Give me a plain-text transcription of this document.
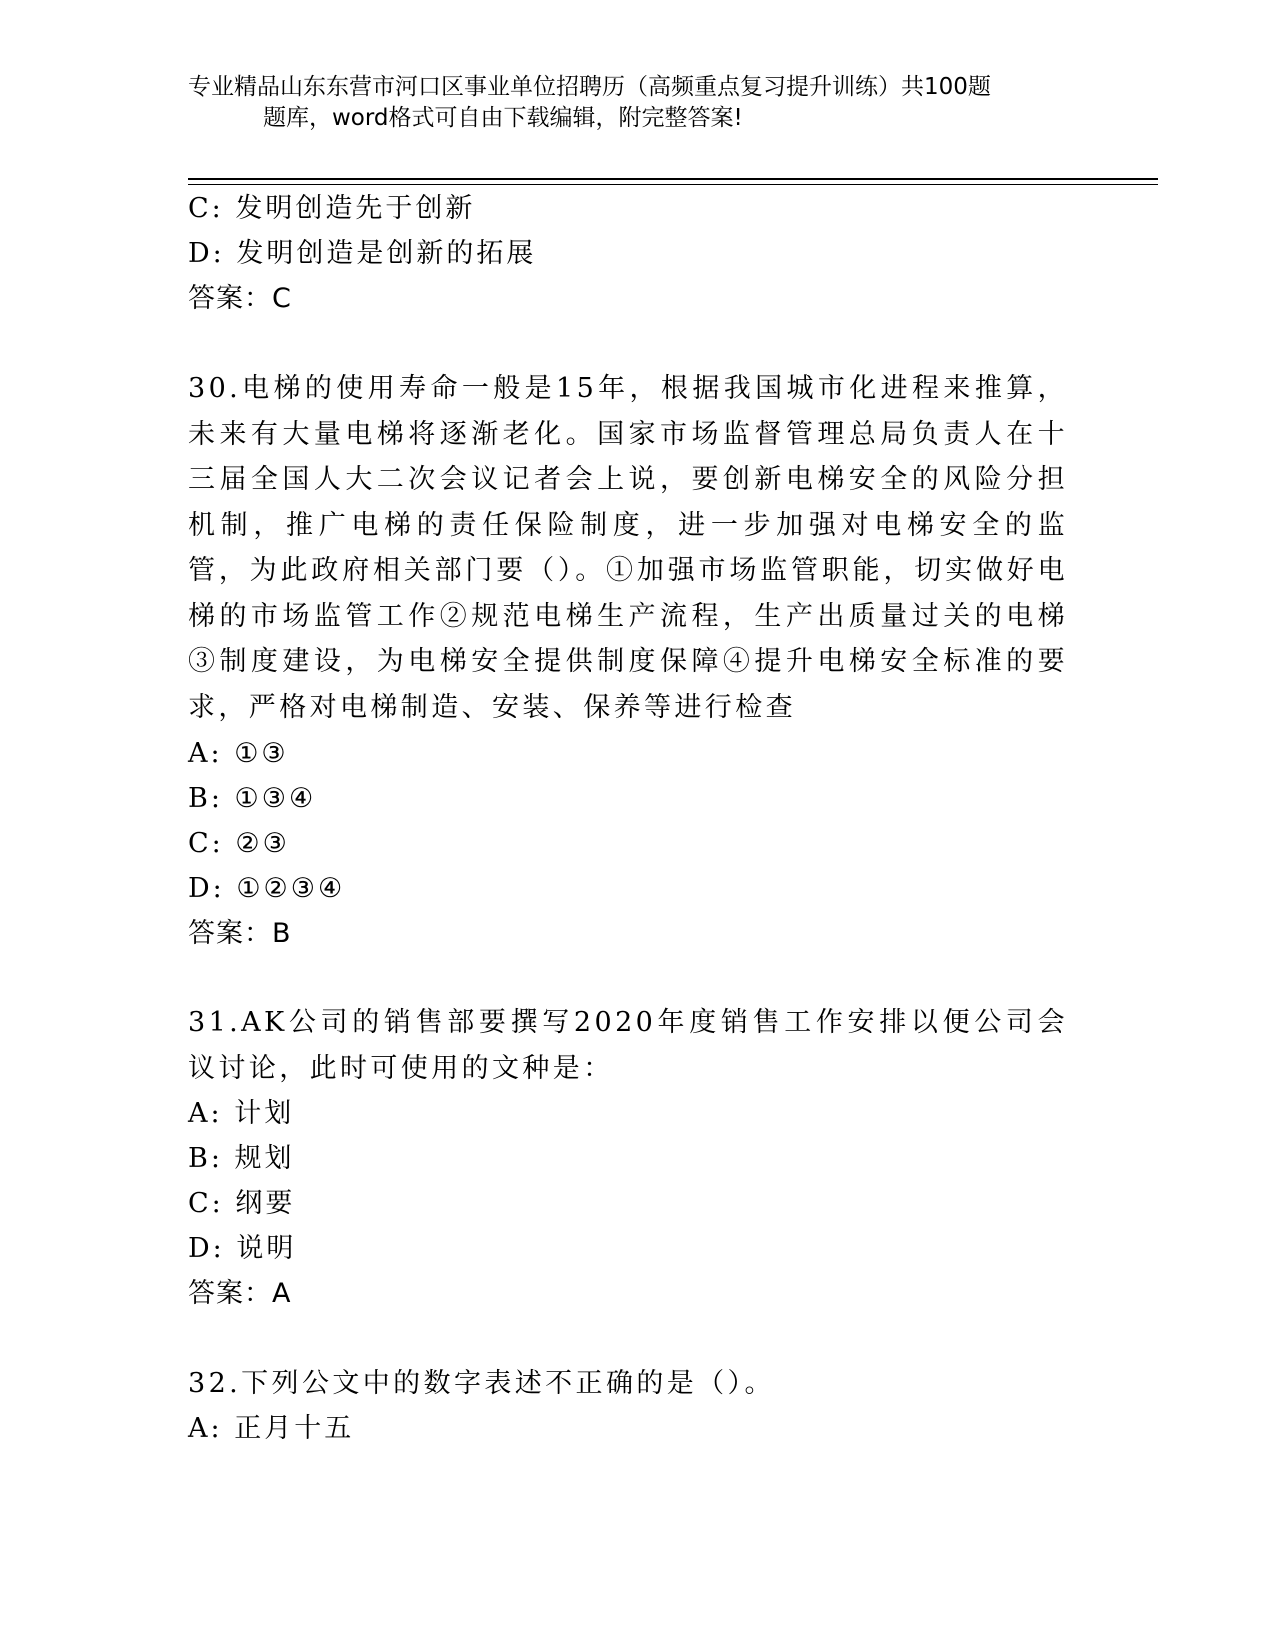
专业精品山东东营市河口区事业单位招聘历（高频重点复习提升训练）共100题
题库，word格式可自由下载编辑，附完整答案!
C: 发明创造先于创新
D: 发明创造是创新的拓展
答案：C
30.电梯的使用寿命一般是15年，根据我国城市化进程来推算，未来有大量电梯将逐渐老化。国家市场监督管理总局负责人在十三届全国人大二次会议记者会上说，要创新电梯安全的风险分担机制，推广电梯的责任保险制度，进一步加强对电梯安全的监管，为此政府相关部门要（）。①加强市场监管职能，切实做好电梯的市场监管工作②规范电梯生产流程，生产出质量过关的电梯③制度建设，为电梯安全提供制度保障④提升电梯安全标准的要求，严格对电梯制造、安装、保养等进行检查
A: ①③
B: ①③④
C: ②③
D: ①②③④
答案：B
31.AK公司的销售部要撰写2020年度销售工作安排以便公司会议讨论，此时可使用的文种是：
A: 计划
B: 规划
C: 纲要
D: 说明
答案：A
32.下列公文中的数字表述不正确的是（）。
A: 正月十五
